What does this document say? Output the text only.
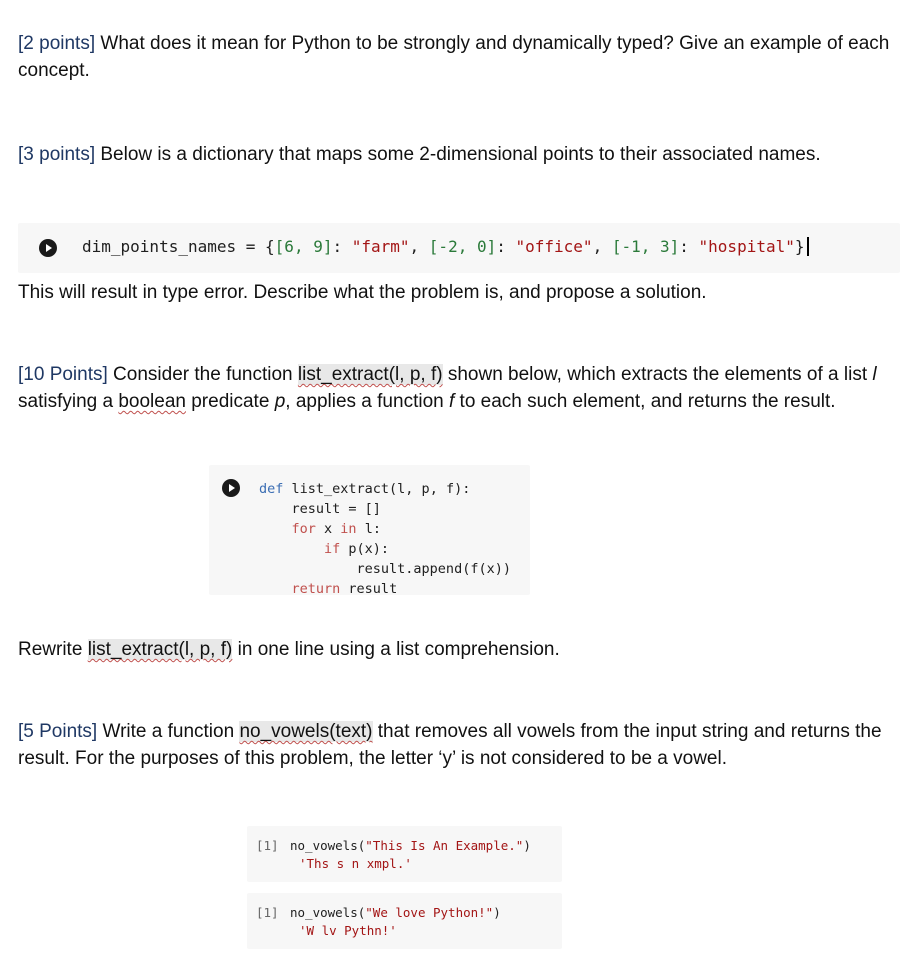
[2 points] What does it mean for Python to be strongly and dynamically typed? Give an example of each concept.
[3 points] Below is a dictionary that maps some 2-dimensional points to their associated names.
dim_points_names = {[6, 9]: "farm", [-2, 0]: "office", [-1, 3]: "hospital"}
This will result in type error. Describe what the problem is, and propose a solution.
[10 Points] Consider the function list_extract(l, p, f) shown below, which extracts the elements of a list l satisfying a boolean predicate p, applies a function f to each such element, and returns the result.
def list_extract(l, p, f):
result = []
for x in l:
if p(x):
result.append(f(x))
return result
Rewrite list_extract(l, p, f) in one line using a list comprehension.
[5 Points] Write a function no_vowels(text) that removes all vowels from the input string and returns the result. For the purposes of this problem, the letter ‘y’ is not considered to be a vowel.
[1] no_vowels("This Is An Example.")
'Ths s n xmpl.'
[1] no_vowels("We love Python!")
'W lv Pythn!'
